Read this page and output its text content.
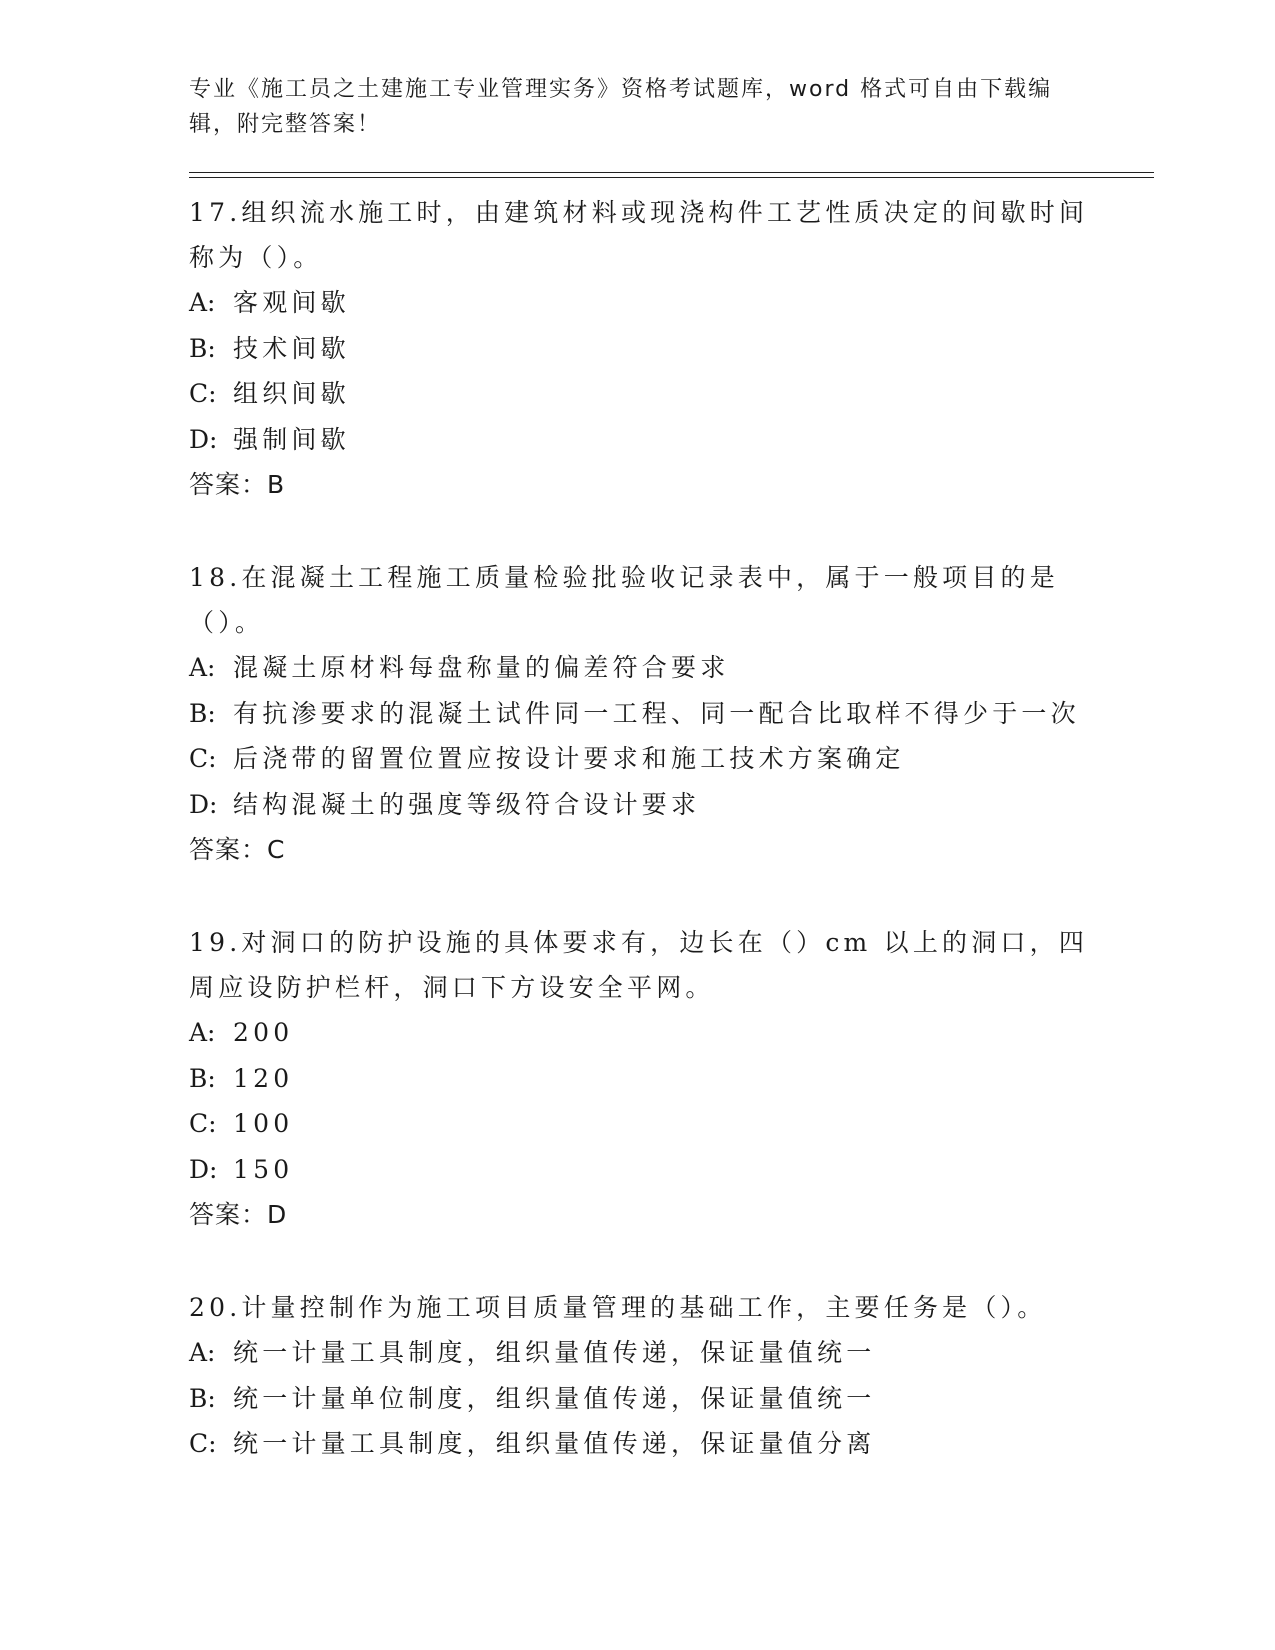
专业《施工员之土建施工专业管理实务》资格考试题库，word 格式可自由下载编辑，附完整答案！
17.组织流水施工时，由建筑材料或现浇构件工艺性质决定的间歇时间称为（）。
A: 客观间歇
B: 技术间歇
C: 组织间歇
D: 强制间歇
答案：B
18.在混凝土工程施工质量检验批验收记录表中，属于一般项目的是（）。
A: 混凝土原材料每盘称量的偏差符合要求
B: 有抗渗要求的混凝土试件同一工程、同一配合比取样不得少于一次
C: 后浇带的留置位置应按设计要求和施工技术方案确定
D: 结构混凝土的强度等级符合设计要求
答案：C
19.对洞口的防护设施的具体要求有，边长在（）cm 以上的洞口，四周应设防护栏杆，洞口下方设安全平网。
A: 200
B: 120
C: 100
D: 150
答案：D
20.计量控制作为施工项目质量管理的基础工作，主要任务是（）。
A: 统一计量工具制度，组织量值传递，保证量值统一
B: 统一计量单位制度，组织量值传递，保证量值统一
C: 统一计量工具制度，组织量值传递，保证量值分离
